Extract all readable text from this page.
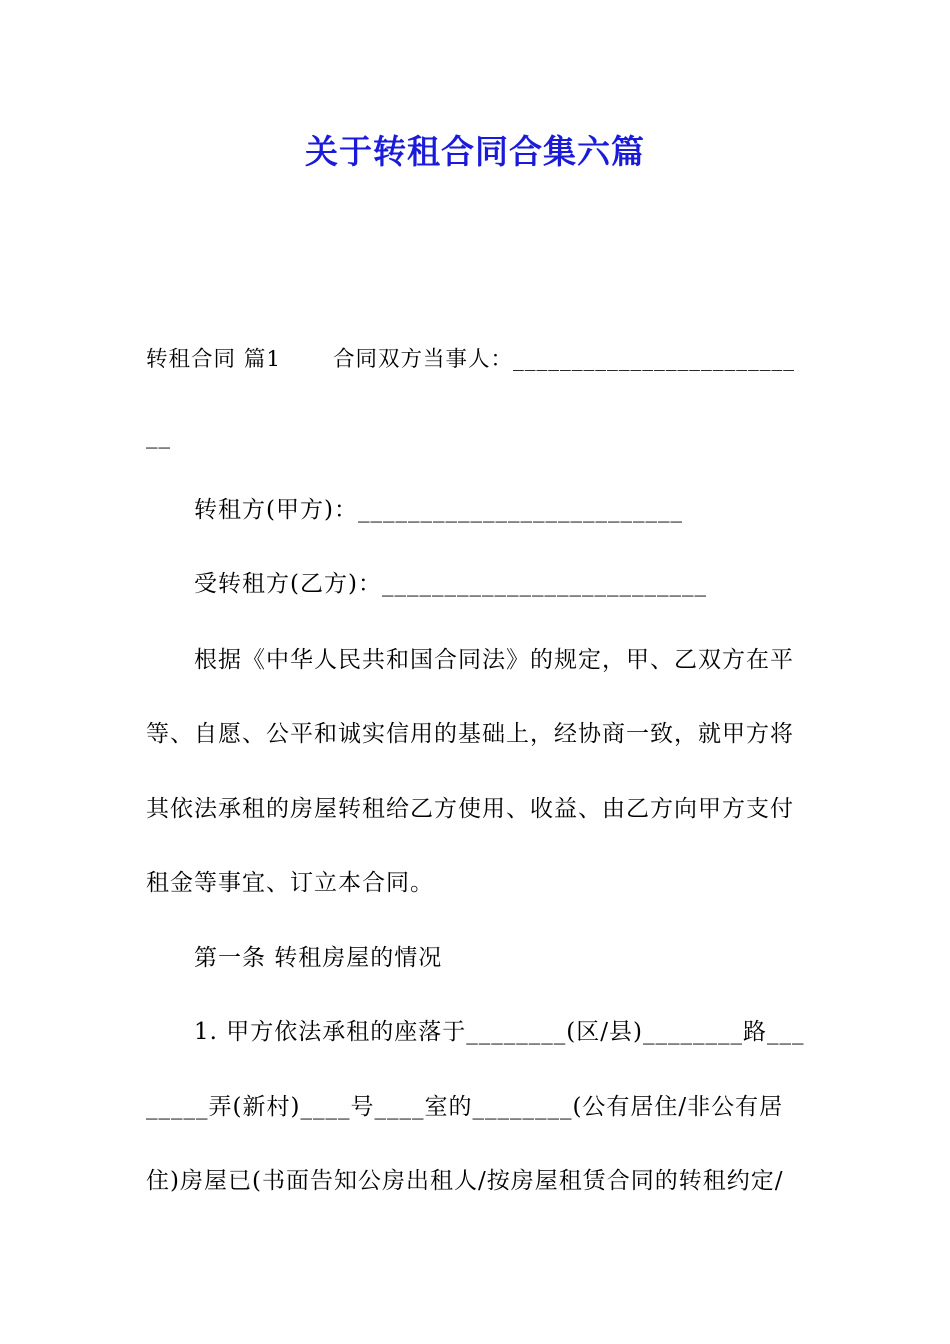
关于转租合同合集六篇
转租合同 篇1 合同双方当事人：________________________
__
转租方(甲方)：__________________________
受转租方(乙方)：__________________________
根据《中华人民共和国合同法》的规定，甲、乙双方在平
等、自愿、公平和诚实信用的基础上，经协商一致，就甲方将
其依法承租的房屋转租给乙方使用、收益、由乙方向甲方支付
租金等事宜、订立本合同。
第一条 转租房屋的情况
1. 甲方依法承租的座落于________(区/县)________路___
_____弄(新村)____号____室的________(公有居住/非公有居
住)房屋已(书面告知公房出租人/按房屋租赁合同的转租约定/
